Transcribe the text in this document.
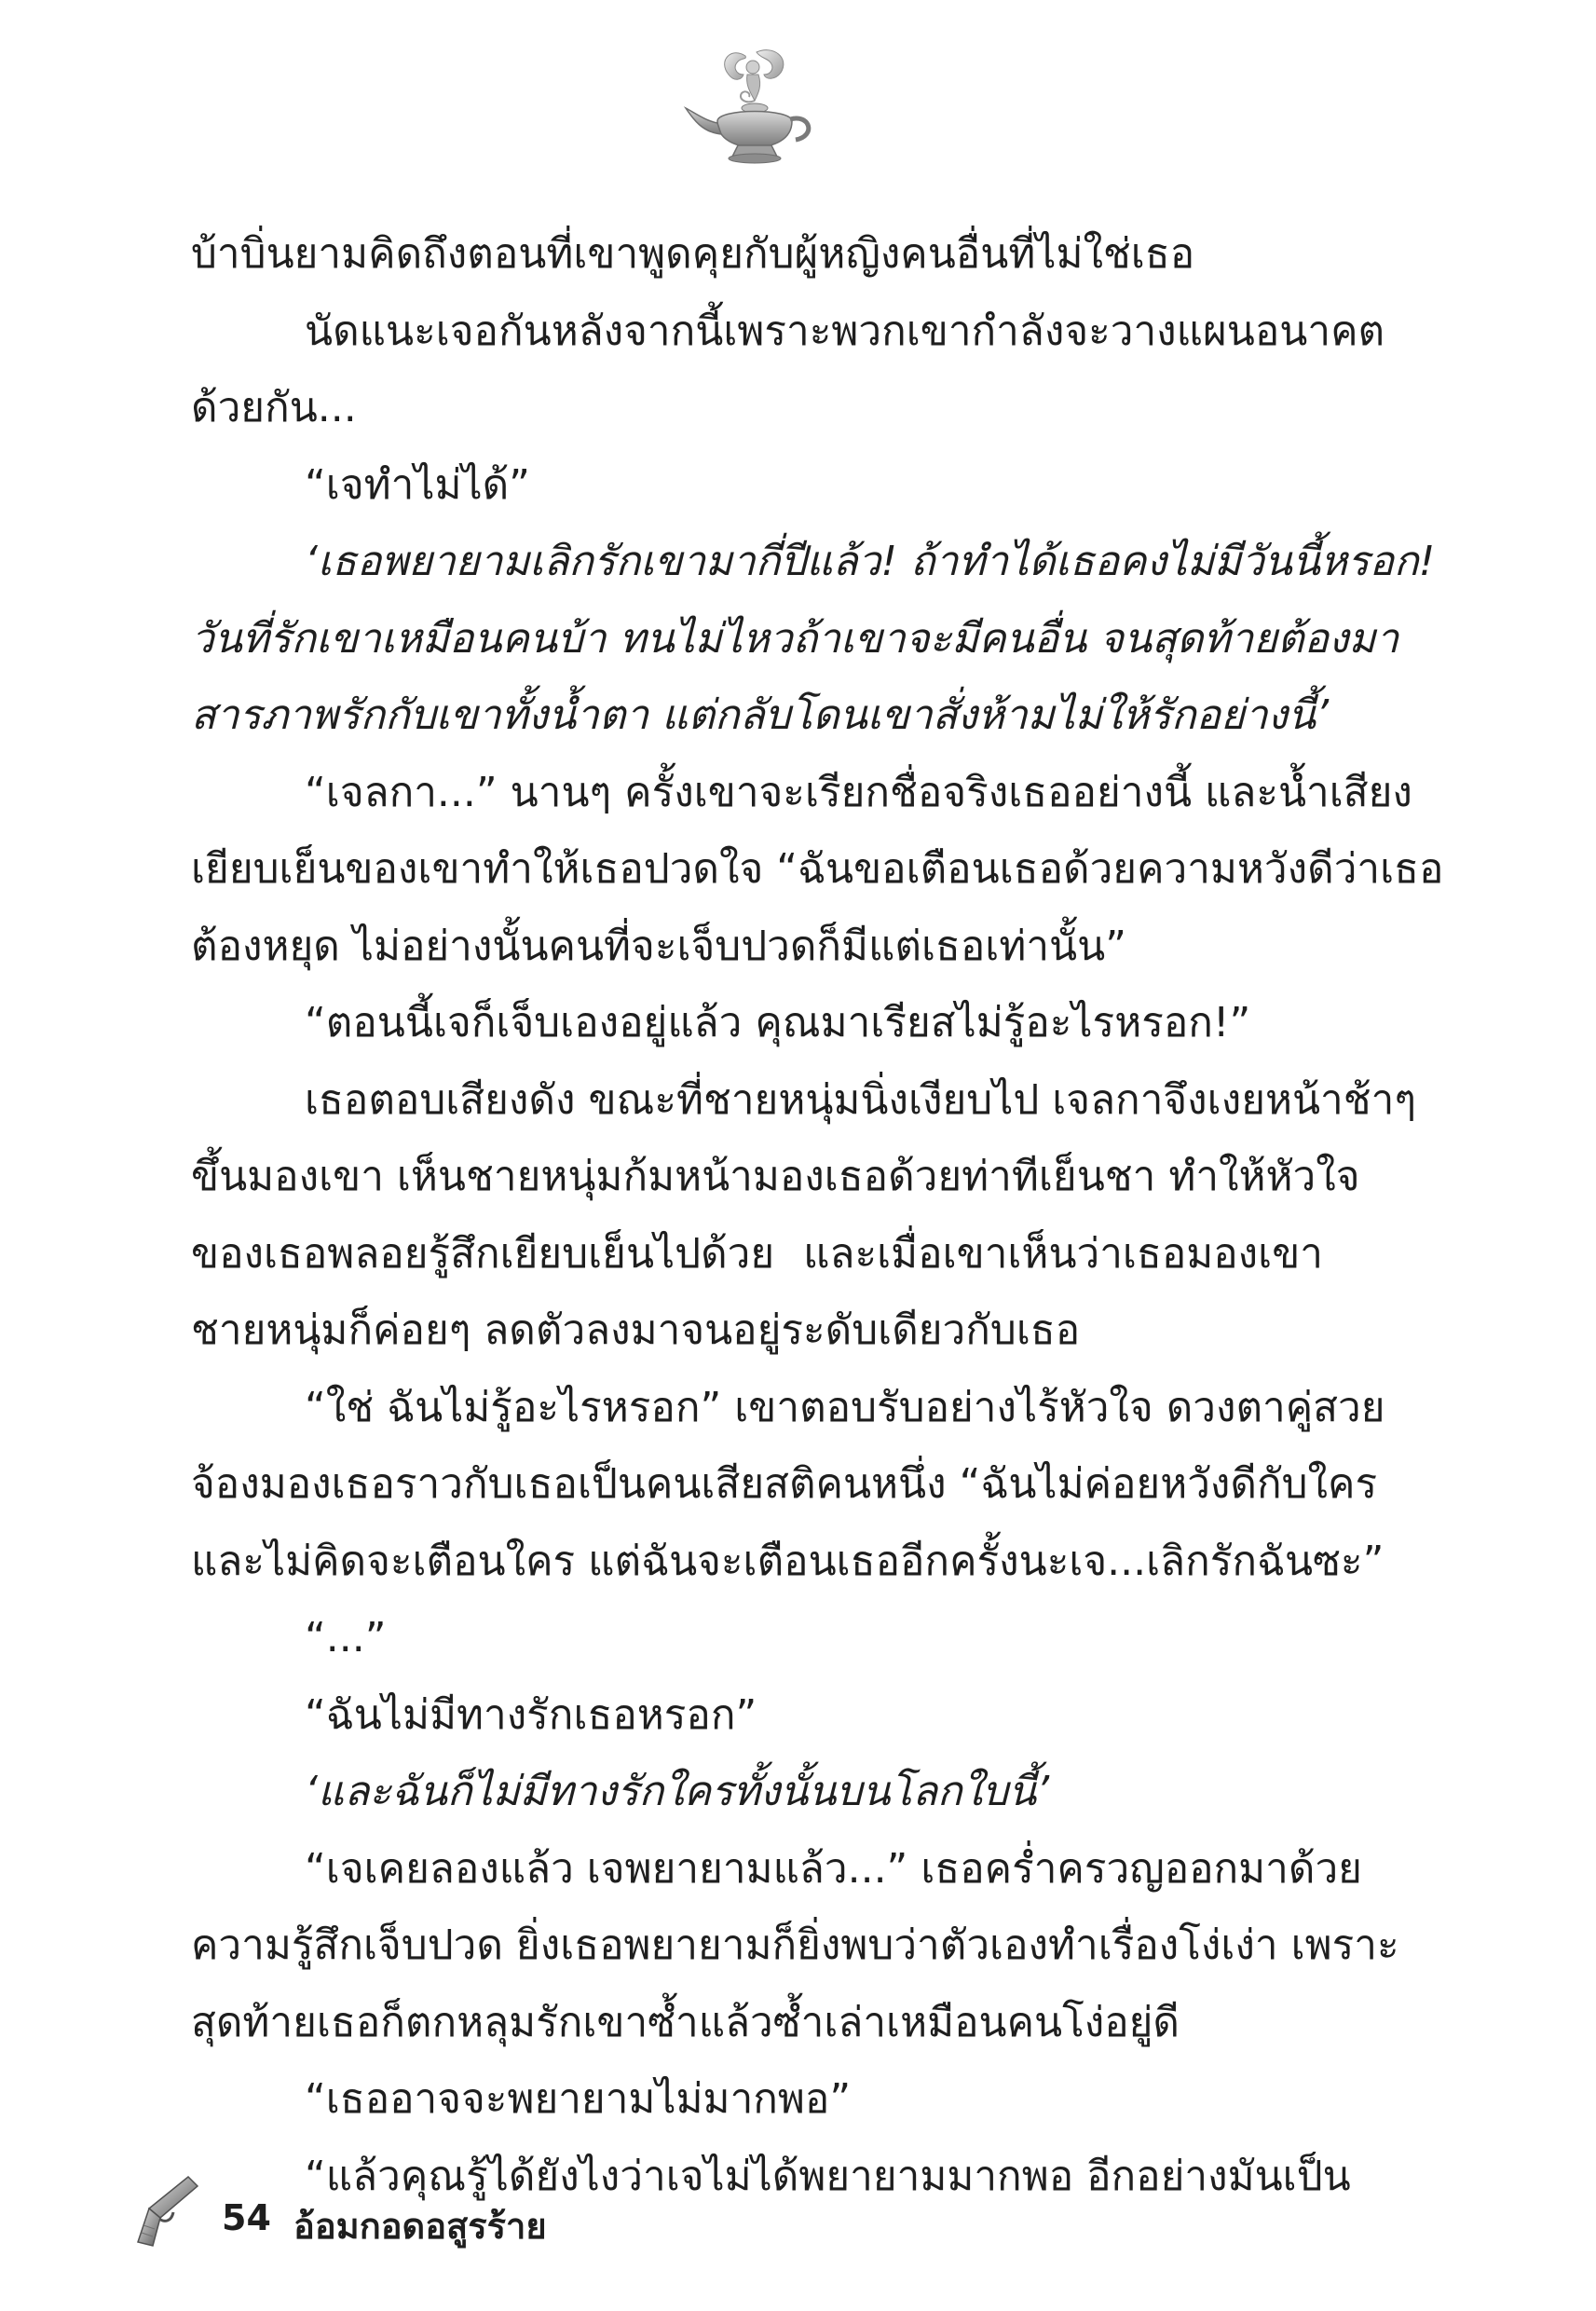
บ้าบิ่นยามคิดถึงตอนที่เขาพูดคุยกับผู้หญิงคนอื่นที่ไม่ใช่เธอ

นัดแนะเจอกันหลังจากนี้เพราะพวกเขากำลังจะวางแผนอนาคต

ด้วยกัน...

“เจทำไม่ได้”

‘เธอพยายามเลิกรักเขามากี่ปีแล้ว! ถ้าทำได้เธอคงไม่มีวันนี้หรอก!

วันที่รักเขาเหมือนคนบ้า ทนไม่ไหวถ้าเขาจะมีคนอื่น จนสุดท้ายต้องมา

สารภาพรักกับเขาทั้งน้ำตา แต่กลับโดนเขาสั่งห้ามไม่ให้รักอย่างนี้’

“เจลกา...” นานๆ ครั้งเขาจะเรียกชื่อจริงเธออย่างนี้ และน้ำเสียง

เยียบเย็นของเขาทำให้เธอปวดใจ “ฉันขอเตือนเธอด้วยความหวังดีว่าเธอ

ต้องหยุด ไม่อย่างนั้นคนที่จะเจ็บปวดก็มีแต่เธอเท่านั้น”

“ตอนนี้เจก็เจ็บเองอยู่แล้ว คุณมาเรียสไม่รู้อะไรหรอก!”

เธอตอบเสียงดัง ขณะที่ชายหนุ่มนิ่งเงียบไป เจลกาจึงเงยหน้าช้าๆ

ขึ้นมองเขา เห็นชายหนุ่มก้มหน้ามองเธอด้วยท่าทีเย็นชา ทำให้หัวใจ

ของเธอพลอยรู้สึกเยียบเย็นไปด้วย และเมื่อเขาเห็นว่าเธอมองเขา

ชายหนุ่มก็ค่อยๆ ลดตัวลงมาจนอยู่ระดับเดียวกับเธอ

“ใช่ ฉันไม่รู้อะไรหรอก” เขาตอบรับอย่างไร้หัวใจ ดวงตาคู่สวย

จ้องมองเธอราวกับเธอเป็นคนเสียสติคนหนึ่ง “ฉันไม่ค่อยหวังดีกับใคร

และไม่คิดจะเตือนใคร แต่ฉันจะเตือนเธออีกครั้งนะเจ...เลิกรักฉันซะ”

“...”

“ฉันไม่มีทางรักเธอหรอก”

‘และฉันก็ไม่มีทางรักใครทั้งนั้นบนโลกใบนี้’

“เจเคยลองแล้ว เจพยายามแล้ว...” เธอคร่ำครวญออกมาด้วย

ความรู้สึกเจ็บปวด ยิ่งเธอพยายามก็ยิ่งพบว่าตัวเองทำเรื่องโง่เง่า เพราะ

สุดท้ายเธอก็ตกหลุมรักเขาซ้ำแล้วซ้ำเล่าเหมือนคนโง่อยู่ดี

“เธออาจจะพยายามไม่มากพอ”

“แล้วคุณรู้ได้ยังไงว่าเจไม่ได้พยายามมากพอ อีกอย่างมันเป็น

54 อ้อมกอดอสูรร้าย
